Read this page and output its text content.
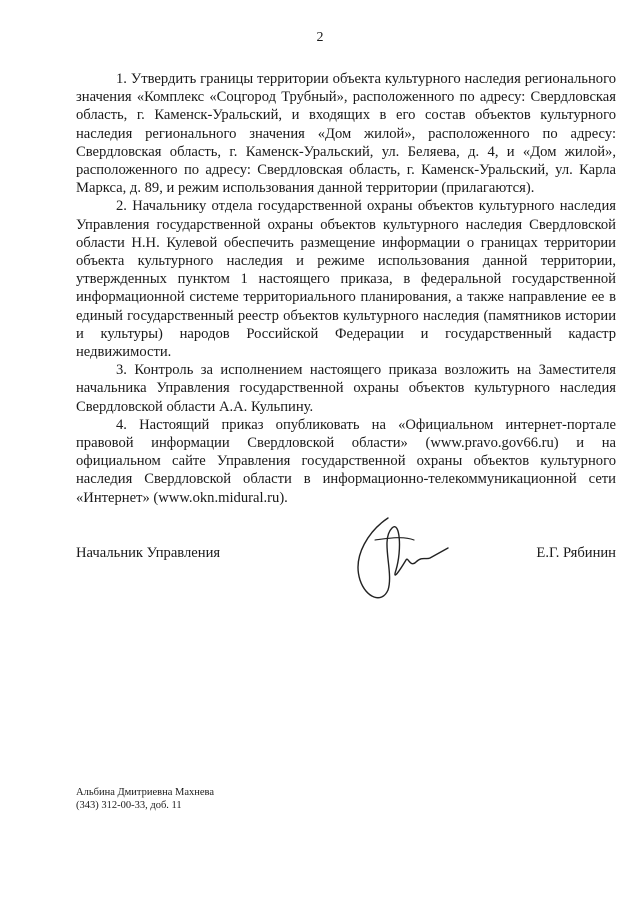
2

1. Утвердить границы территории объекта культурного наследия регионального значения «Комплекс «Соцгород Трубный», расположенного по адресу: Свердловская область, г. Каменск-Уральский, и входящих в его состав объектов культурного наследия регионального значения «Дом жилой», расположенного по адресу: Свердловская область, г. Каменск-Уральский, ул. Беляева, д. 4, и «Дом жилой», расположенного по адресу: Свердловская область, г. Каменск-Уральский, ул. Карла Маркса, д. 89, и режим использования данной территории (прилагаются).

2. Начальнику отдела государственной охраны объектов культурного наследия Управления государственной охраны объектов культурного наследия Свердловской области Н.Н. Кулевой обеспечить размещение информации о границах территории объекта культурного наследия и режиме использования данной территории, утвержденных пунктом 1 настоящего приказа, в федеральной государственной информационной системе территориального планирования, а также направление ее в единый государственный реестр объектов культурного наследия (памятников истории и культуры) народов Российской Федерации и государственный кадастр недвижимости.

3. Контроль за исполнением настоящего приказа возложить на Заместителя начальника Управления государственной охраны объектов культурного наследия Свердловской области А.А. Кульпину.

4. Настоящий приказ опубликовать на «Официальном интернет-портале правовой информации Свердловской области» (www.pravo.gov66.ru) и на официальном сайте Управления государственной охраны объектов культурного наследия Свердловской области в информационно-телекоммуникационной сети «Интернет» (www.okn.midural.ru).

Начальник Управления	Е.Г. Рябинин
Альбина Дмитриевна Махнева
(343) 312-00-33, доб. 11
